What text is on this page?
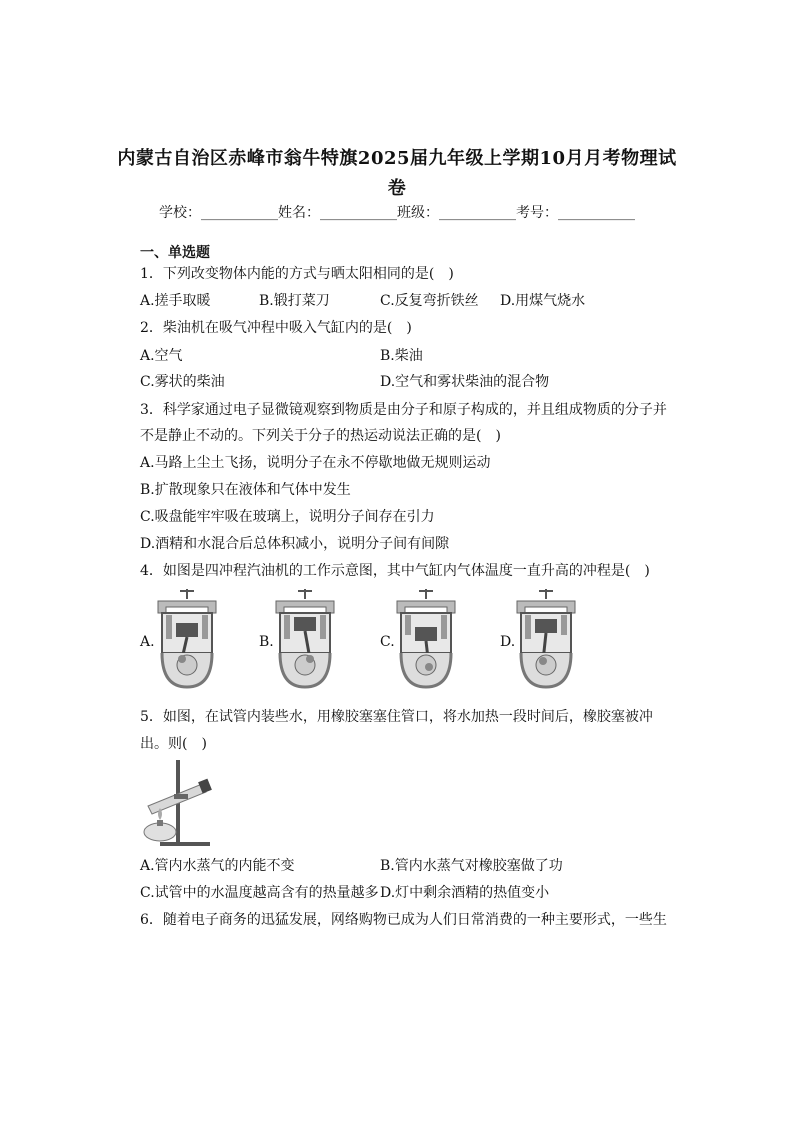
内蒙古自治区赤峰市翁牛特旗2025届九年级上学期10月月考物理试
卷
学校：___________姓名：___________班级：___________考号：___________
一、单选题
1．下列改变物体内能的方式与晒太阳相同的是(　)
A.搓手取暖	B.锻打菜刀	C.反复弯折铁丝 D.用煤气烧水
2．柴油机在吸气冲程中吸入气缸内的是(　)
A.空气	B.柴油
C.雾状的柴油	D.空气和雾状柴油的混合物
3．科学家通过电子显微镜观察到物质是由分子和原子构成的，并且组成物质的分子并
不是静止不动的。下列关于分子的热运动说法正确的是(　)
A.马路上尘土飞扬，说明分子在永不停歇地做无规则运动
B.扩散现象只在液体和气体中发生
C.吸盘能牢牢吸在玻璃上，说明分子间存在引力
D.酒精和水混合后总体积减小，说明分子间有间隙
4．如图是四冲程汽油机的工作示意图，其中气缸内气体温度一直升高的冲程是(　)
A.	B.	C.	D.
5．如图，在试管内装些水，用橡胶塞塞住管口，将水加热一段时间后，橡胶塞被冲
出。则(　)
A.管内水蒸气的内能不变	B.管内水蒸气对橡胶塞做了功
C.试管中的水温度越高含有的热量越多 D.灯中剩余酒精的热值变小
6．随着电子商务的迅猛发展，网络购物已成为人们日常消费的一种主要形式，一些生
